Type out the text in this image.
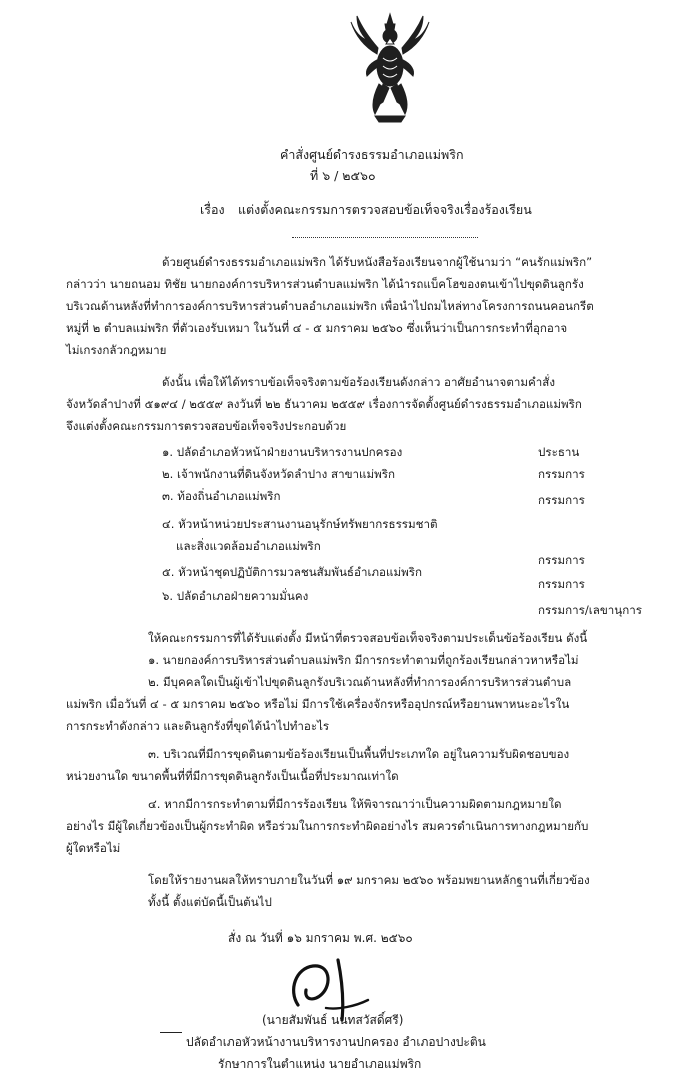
คำสั่งศูนย์ดำรงธรรมอำเภอแม่พริก
ที่ ๖ / ๒๕๖๐
เรื่อง แต่งตั้งคณะกรรมการตรวจสอบข้อเท็จจริงเรื่องร้องเรียน
ด้วยศูนย์ดำรงธรรมอำเภอแม่พริก ได้รับหนังสือร้องเรียนจากผู้ใช้นามว่า “คนรักแม่พริก”
กล่าวว่า นายถนอม ทิชัย นายกองค์การบริหารส่วนตำบลแม่พริก ได้นำรถแบ็คโฮของตนเข้าไปขุดดินลูกรัง
บริเวณด้านหลังที่ทำการองค์การบริหารส่วนตำบลอำเภอแม่พริก เพื่อนำไปถมไหล่ทางโครงการถนนคอนกรีต
หมู่ที่ ๒ ตำบลแม่พริก ที่ตัวเองรับเหมา ในวันที่ ๔ - ๕ มกราคม ๒๕๖๐ ซึ่งเห็นว่าเป็นการกระทำที่อุกอาจ
ไม่เกรงกลัวกฎหมาย
ดังนั้น เพื่อให้ได้ทราบข้อเท็จจริงตามข้อร้องเรียนดังกล่าว อาศัยอำนาจตามคำสั่ง
จังหวัดลำปางที่ ๕๑๙๔ / ๒๕๕๙ ลงวันที่ ๒๒ ธันวาคม ๒๕๕๙ เรื่องการจัดตั้งศูนย์ดำรงธรรมอำเภอแม่พริก
จึงแต่งตั้งคณะกรรมการตรวจสอบข้อเท็จจริงประกอบด้วย
๑. ปลัดอำเภอหัวหน้าฝ่ายงานบริหารงานปกครอง	ประธาน
๒. เจ้าพนักงานที่ดินจังหวัดลำปาง สาขาแม่พริก	กรรมการ
๓. ท้องถิ่นอำเภอแม่พริก	กรรมการ
๔. หัวหน้าหน่วยประสานงานอนุรักษ์ทรัพยากรธรรมชาติ
และสิ่งแวดล้อมอำเภอแม่พริก
กรรมการ
๕. หัวหน้าชุดปฏิบัติการมวลชนสัมพันธ์อำเภอแม่พริก
กรรมการ
๖. ปลัดอำเภอฝ่ายความมั่นคง
กรรมการ/เลขานุการ
ให้คณะกรรมการที่ได้รับแต่งตั้ง มีหน้าที่ตรวจสอบข้อเท็จจริงตามประเด็นข้อร้องเรียน ดังนี้
๑. นายกองค์การบริหารส่วนตำบลแม่พริก มีการกระทำตามที่ถูกร้องเรียนกล่าวหาหรือไม่
๒. มีบุคคลใดเป็นผู้เข้าไปขุดดินลูกรังบริเวณด้านหลังที่ทำการองค์การบริหารส่วนตำบล
แม่พริก เมื่อวันที่ ๔ - ๕ มกราคม ๒๕๖๐ หรือไม่ มีการใช้เครื่องจักรหรืออุปกรณ์หรือยานพาหนะอะไรใน
การกระทำดังกล่าว และดินลูกรังที่ขุดได้นำไปทำอะไร
๓. บริเวณที่มีการขุดดินตามข้อร้องเรียนเป็นพื้นที่ประเภทใด อยู่ในความรับผิดชอบของ
หน่วยงานใด ขนาดพื้นที่ที่มีการขุดดินลูกรังเป็นเนื้อที่ประมาณเท่าใด
๔. หากมีการกระทำตามที่มีการร้องเรียน ให้พิจารณาว่าเป็นความผิดตามกฎหมายใด
อย่างไร มีผู้ใดเกี่ยวข้องเป็นผู้กระทำผิด หรือร่วมในการกระทำผิดอย่างไร สมควรดำเนินการทางกฎหมายกับ
ผู้ใดหรือไม่
โดยให้รายงานผลให้ทราบภายในวันที่ ๑๙ มกราคม ๒๕๖๐ พร้อมพยานหลักฐานที่เกี่ยวข้อง
ทั้งนี้ ตั้งแต่บัดนี้เป็นต้นไป
สั่ง ณ วันที่ ๑๖ มกราคม พ.ศ. ๒๕๖๐
(นายสัมพันธ์ นนทสวัสดิ์ศรี)
ปลัดอำเภอหัวหน้างานบริหารงานปกครอง อำเภอปางปะติน
รักษาการในตำแหน่ง นายอำเภอแม่พริก
